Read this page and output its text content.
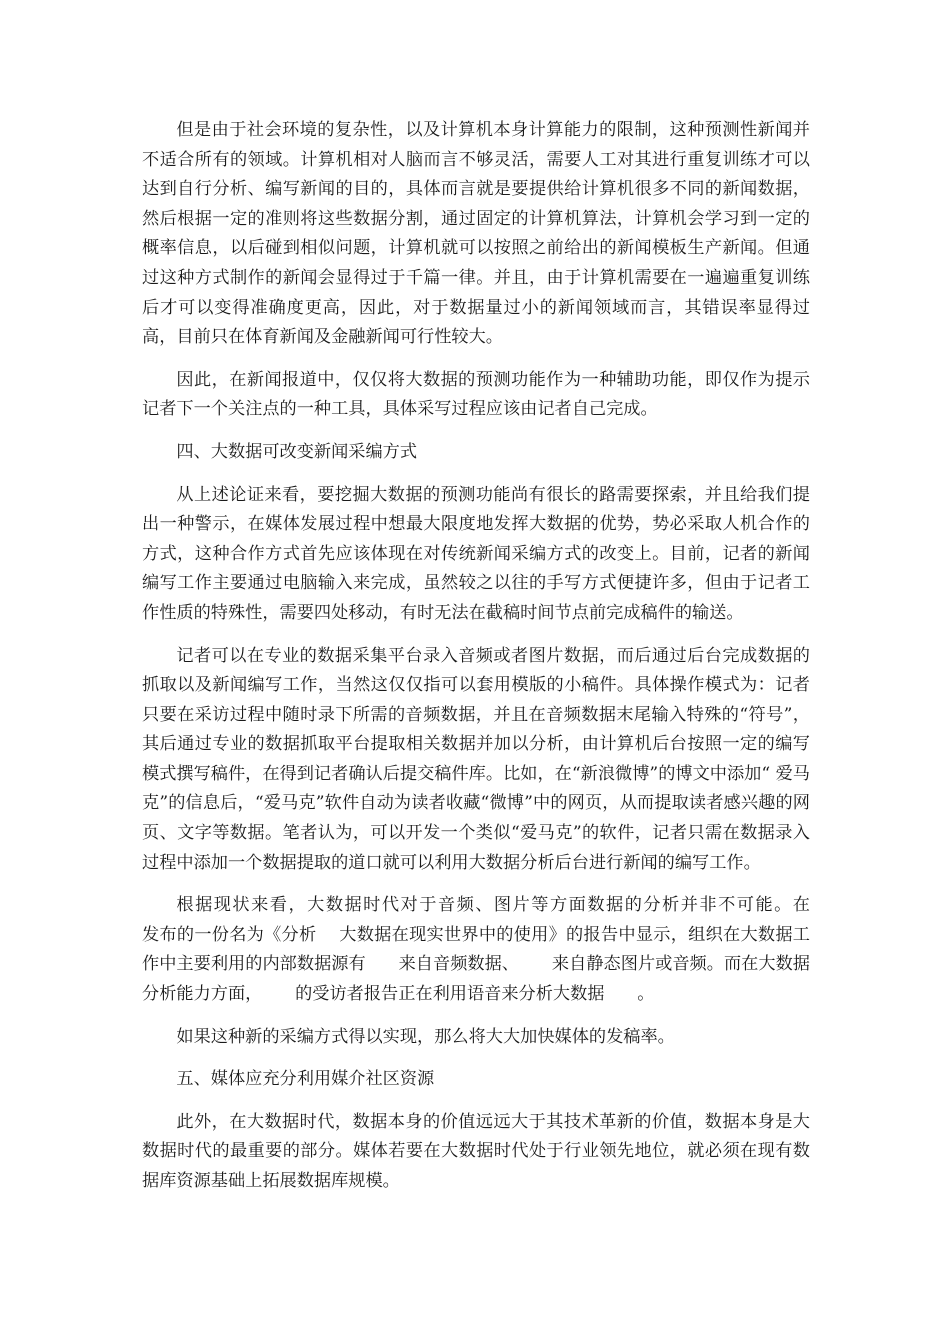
但是由于社会环境的复杂性，以及计算机本身计算能力的限制，这种预测性新闻并不适合所有的领域。计算机相对人脑而言不够灵活，需要人工对其进行重复训练才可以达到自行分析、编写新闻的目的，具体而言就是要提供给计算机很多不同的新闻数据，然后根据一定的准则将这些数据分割，通过固定的计算机算法，计算机会学习到一定的概率信息，以后碰到相似问题，计算机就可以按照之前给出的新闻模板生产新闻。但通过这种方式制作的新闻会显得过于千篇一律。并且，由于计算机需要在一遍遍重复训练后才可以变得准确度更高，因此，对于数据量过小的新闻领域而言，其错误率显得过高，目前只在体育新闻及金融新闻可行性较大。

因此，在新闻报道中，仅仅将大数据的预测功能作为一种辅助功能，即仅作为提示记者下一个关注点的一种工具，具体采写过程应该由记者自己完成。

四、大数据可改变新闻采编方式

从上述论证来看，要挖掘大数据的预测功能尚有很长的路需要探索，并且给我们提出一种警示，在媒体发展过程中想最大限度地发挥大数据的优势，势必采取人机合作的方式，这种合作方式首先应该体现在对传统新闻采编方式的改变上。目前，记者的新闻编写工作主要通过电脑输入来完成，虽然较之以往的手写方式便捷许多，但由于记者工作性质的特殊性，需要四处移动，有时无法在截稿时间节点前完成稿件的输送。

记者可以在专业的数据采集平台录入音频或者图片数据，而后通过后台完成数据的抓取以及新闻编写工作，当然这仅仅指可以套用模版的小稿件。具体操作模式为：记者只要在采访过程中随时录下所需的音频数据，并且在音频数据末尾输入特殊的“符号”，其后通过专业的数据抓取平台提取相关数据并加以分析，由计算机后台按照一定的编写模式撰写稿件，在得到记者确认后提交稿件库。比如，在“新浪微博”的博文中添加“ 爱马克”的信息后，“爱马克”软件自动为读者收藏“微博”中的网页，从而提取读者感兴趣的网页、文字等数据。笔者认为，可以开发一个类似“爱马克”的软件，记者只需在数据录入过程中添加一个数据提取的道口就可以利用大数据分析后台进行新闻的编写工作。

根据现状来看，大数据时代对于音频、图片等方面数据的分析并非不可能。在        发布的一份名为《分析    大数据在现实世界中的使用》的报告中显示，组织在大数据工作中主要利用的内部数据源有      来自音频数据、      来自静态图片或音频。而在大数据分析能力方面，      的受访者报告正在利用语音来分析大数据      。

如果这种新的采编方式得以实现，那么将大大加快媒体的发稿率。

五、媒体应充分利用媒介社区资源

此外，在大数据时代，数据本身的价值远远大于其技术革新的价值，数据本身是大数据时代的最重要的部分。媒体若要在大数据时代处于行业领先地位，就必须在现有数据库资源基础上拓展数据库规模。
